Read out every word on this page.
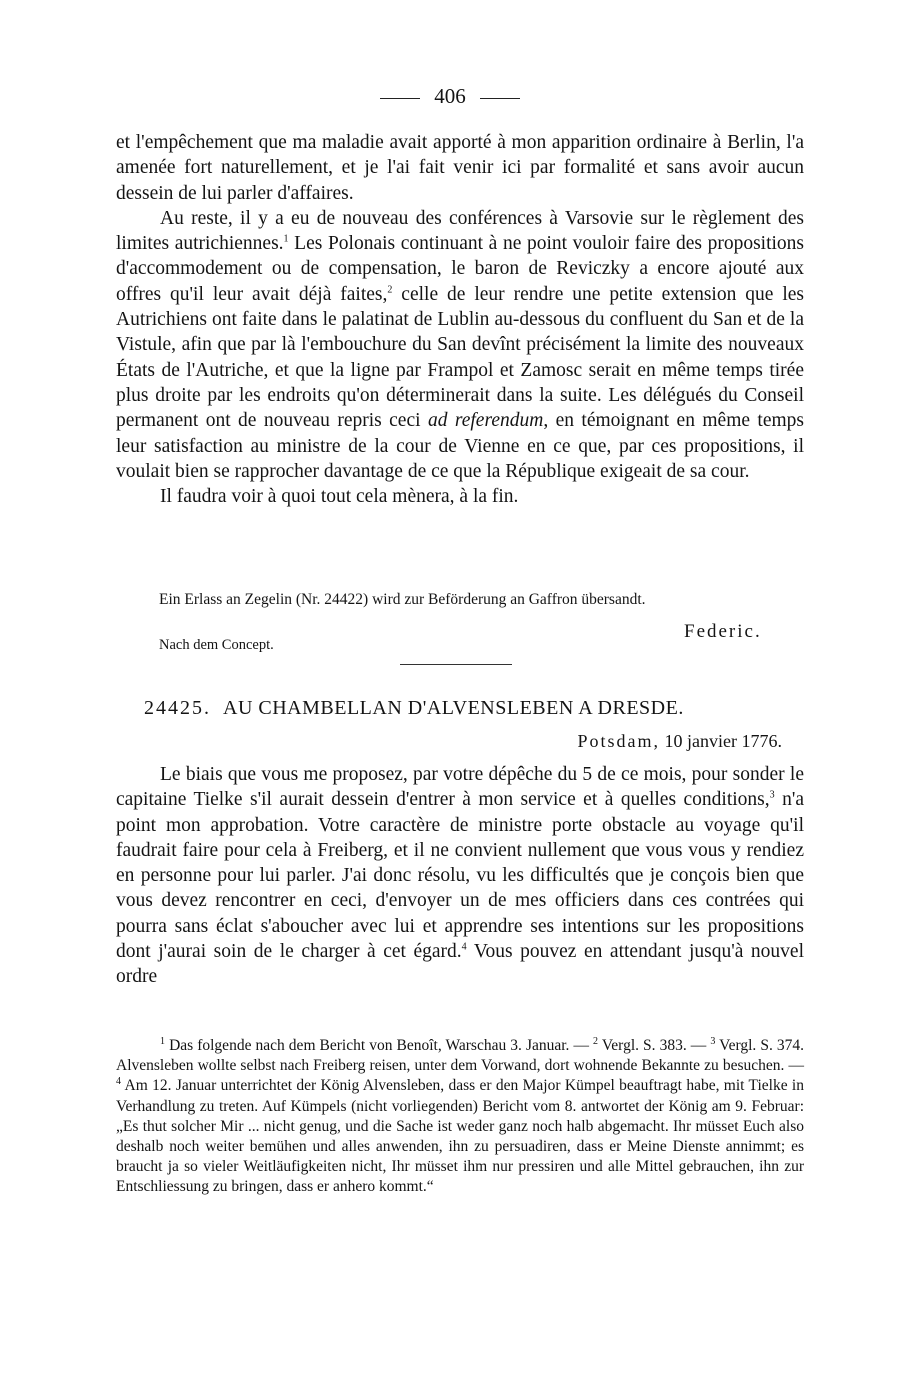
406

et l'empêchement que ma maladie avait apporté à mon apparition ordinaire à Berlin, l'a amenée fort naturellement, et je l'ai fait venir ici par formalité et sans avoir aucun dessein de lui parler d'affaires.

Au reste, il y a eu de nouveau des conférences à Varsovie sur le règlement des limites autrichiennes.$^1$ Les Polonais continuant à ne point vouloir faire des propositions d'accommodement ou de compensation, le baron de Reviczky a encore ajouté aux offres qu'il leur avait déjà faites,$^2$ celle de leur rendre une petite extension que les Autrichiens ont faite dans le palatinat de Lublin au-dessous du confluent du San et de la Vistule, afin que par là l'embouchure du San devînt précisément la limite des nouveaux États de l'Autriche, et que la ligne par Frampol et Zamosc serait en même temps tirée plus droite par les endroits qu'on déterminerait dans la suite. Les délégués du Conseil permanent ont de nouveau repris ceci ad referendum, en témoignant en même temps leur satisfaction au ministre de la cour de Vienne en ce que, par ces propositions, il voulait bien se rapprocher davantage de ce que la République exigeait de sa cour.

Il faudra voir à quoi tout cela mènera, à la fin.

Ein Erlass an Zegelin (Nr. 24422) wird zur Beförderung an Gaffron übersandt.
Federic.
Nach dem Concept.
24425. AU CHAMBELLAN D'ALVENSLEBEN A DRESDE.
Potsdam, 10 janvier 1776.

Le biais que vous me proposez, par votre dépêche du 5 de ce mois, pour sonder le capitaine Tielke s'il aurait dessein d'entrer à mon service et à quelles conditions,$^3$ n'a point mon approbation. Votre caractère de ministre porte obstacle au voyage qu'il faudrait faire pour cela à Freiberg, et il ne convient nullement que vous vous y rendiez en personne pour lui parler. J'ai donc résolu, vu les difficultés que je conçois bien que vous devez rencontrer en ceci, d'envoyer un de mes officiers dans ces contrées qui pourra sans éclat s'aboucher avec lui et apprendre ses intentions sur les propositions dont j'aurai soin de le charger à cet égard.$^4$ Vous pouvez en attendant jusqu'à nouvel ordre

$^1$ Das folgende nach dem Bericht von Benoît, Warschau 3. Januar. — $^2$ Vergl. S. 383. — $^3$ Vergl. S. 374. Alvensleben wollte selbst nach Freiberg reisen, unter dem Vorwand, dort wohnende Bekannte zu besuchen. — $^4$ Am 12. Januar unterrichtet der König Alvensleben, dass er den Major Kümpel beauftragt habe, mit Tielke in Verhandlung zu treten. Auf Kümpels (nicht vorliegenden) Bericht vom 8. antwortet der König am 9. Februar: „Es thut solcher Mir ... nicht genug, und die Sache ist weder ganz noch halb abgemacht. Ihr müsset Euch also deshalb noch weiter bemühen und alles anwenden, ihn zu persuadiren, dass er Meine Dienste annimmt; es braucht ja so vieler Weitläufigkeiten nicht, Ihr müsset ihm nur pressiren und alle Mittel gebrauchen, ihn zur Entschliessung zu bringen, dass er anhero kommt.“
